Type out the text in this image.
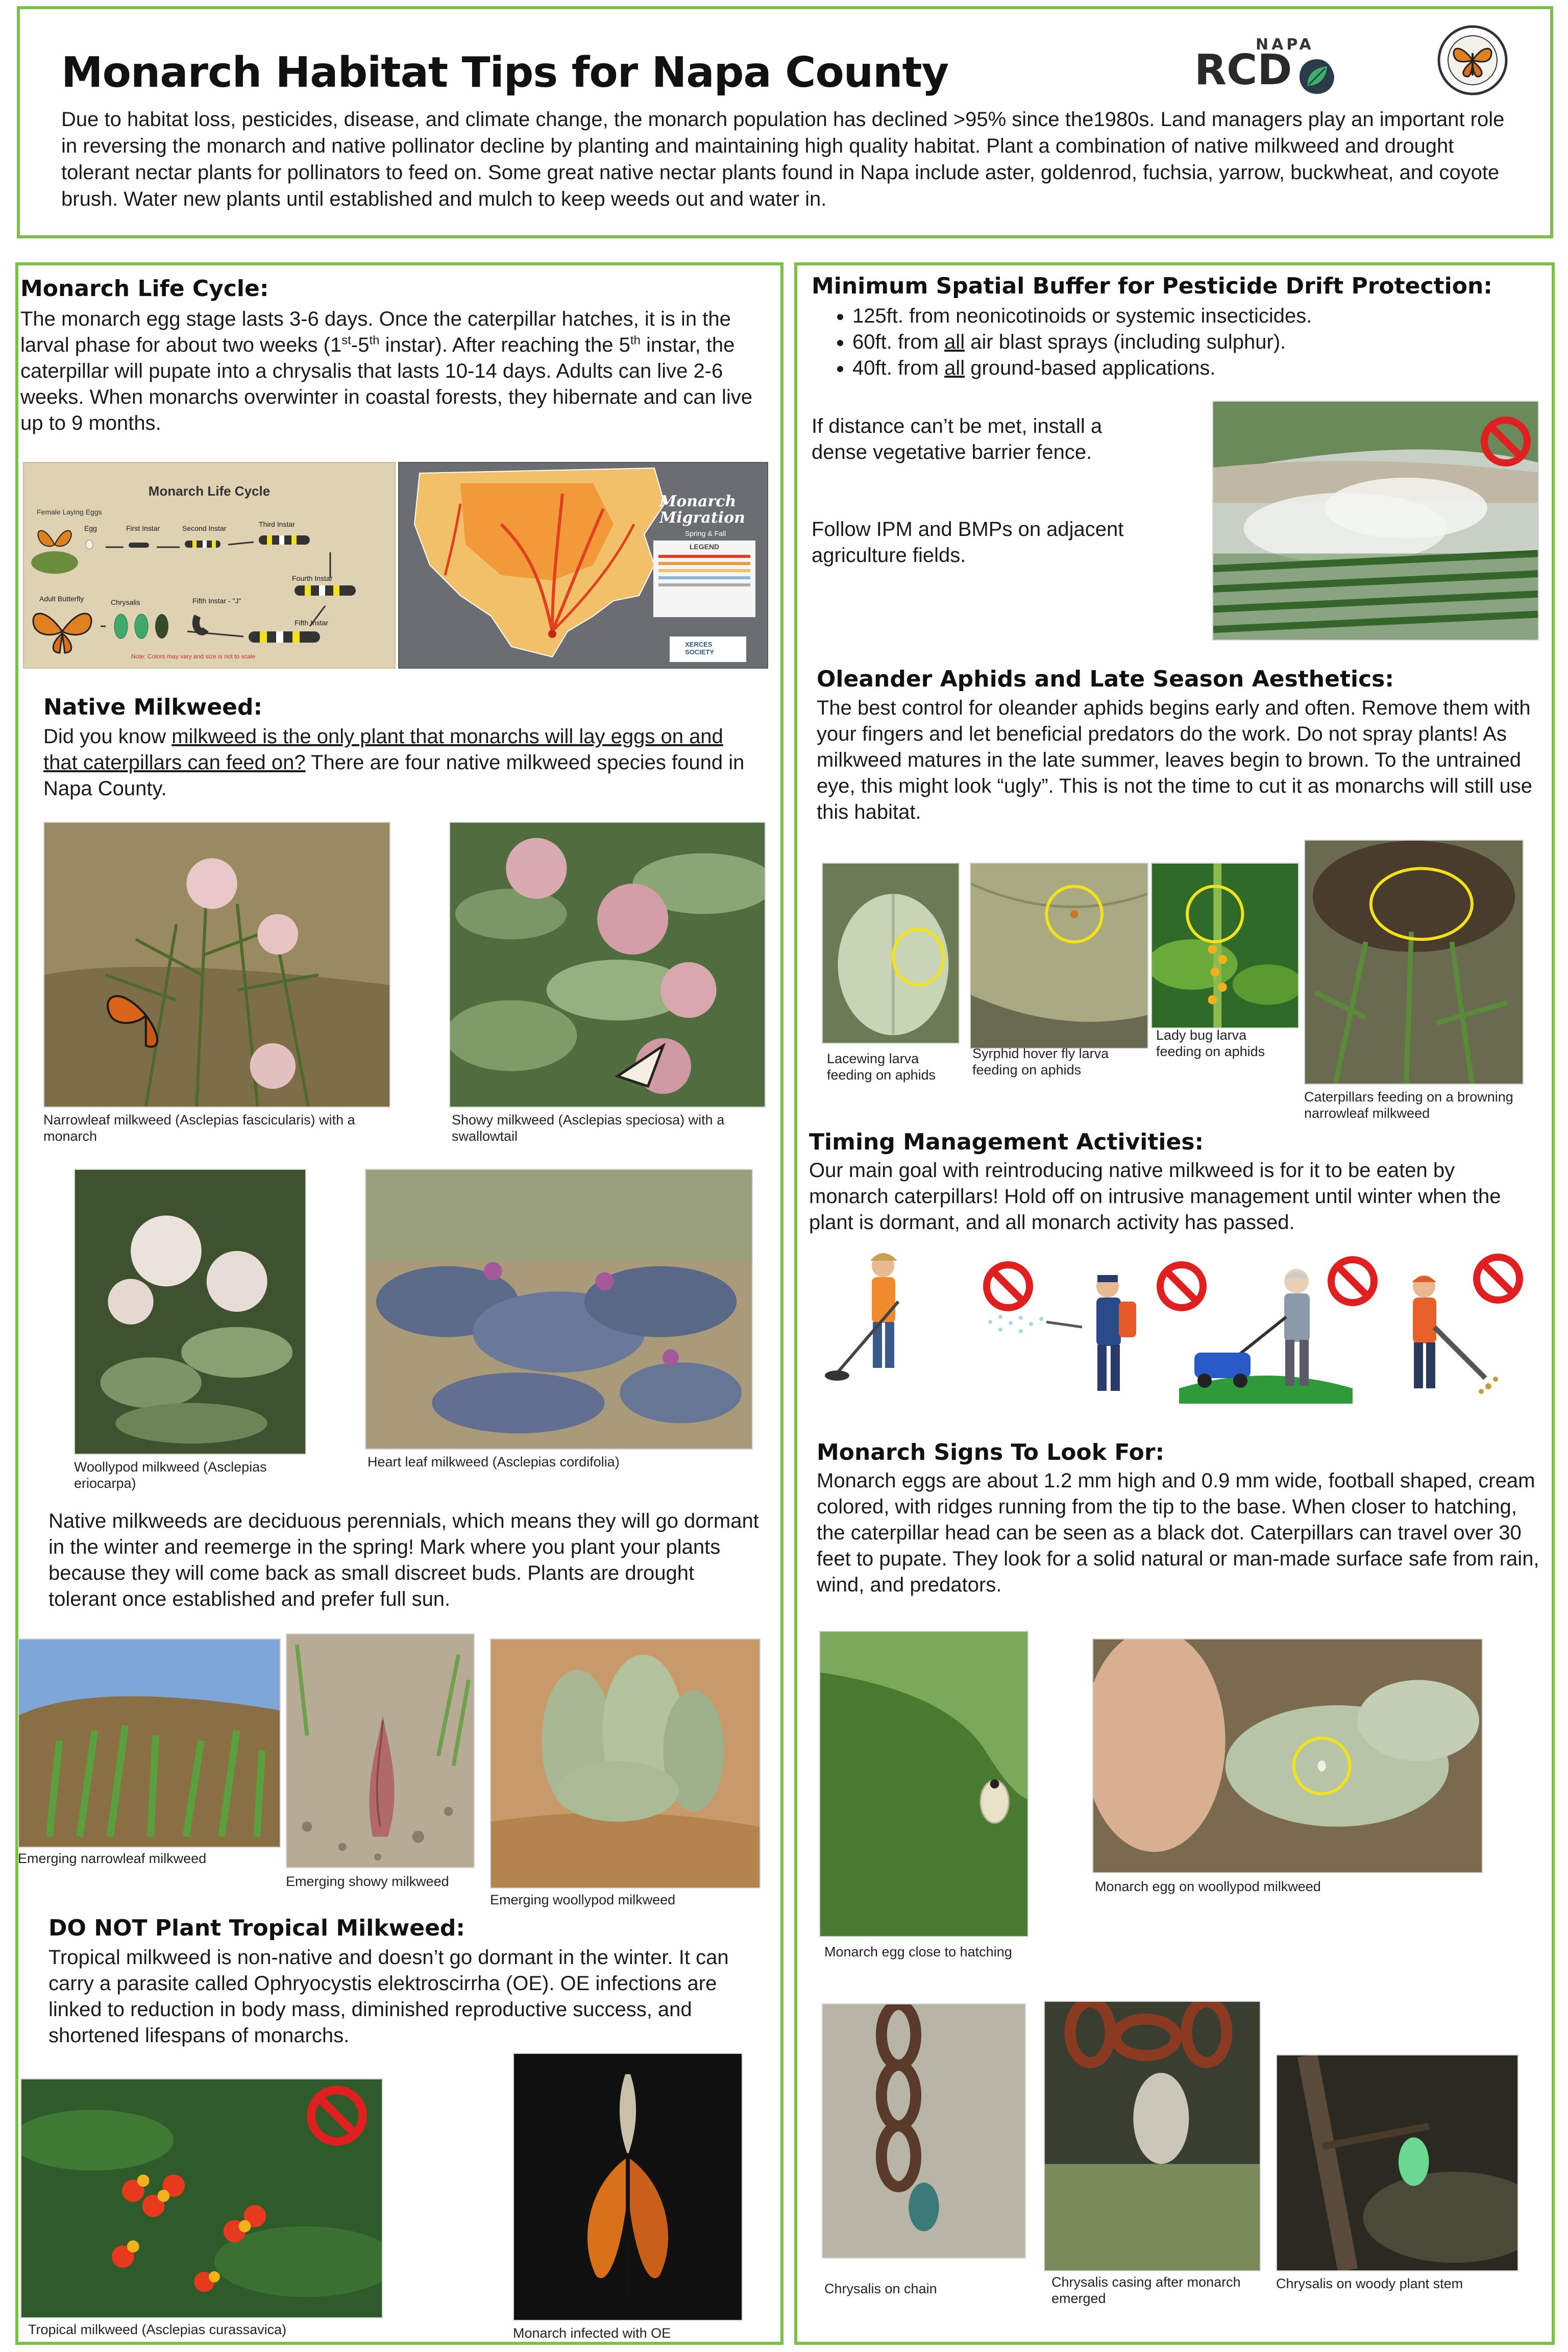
Monarch Habitat Tips for Napa County
NAPA
RCD
Due to habitat loss, pesticides, disease, and climate change, the monarch population has declined >95% since the1980s. Land managers play an important role in reversing the monarch and native pollinator decline by planting and maintaining high quality habitat. Plant a combination of native milkweed and drought tolerant nectar plants for pollinators to feed on. Some great native nectar plants found in Napa include aster, goldenrod, fuchsia, yarrow, buckwheat, and coyote brush. Water new plants until established and mulch to keep weeds out and water in.
Monarch Life Cycle:
The monarch egg stage lasts 3-6 days. Once the caterpillar hatches, it is in the larval phase for about two weeks (1st-5th instar). After reaching the 5th instar, the caterpillar will pupate into a chrysalis that lasts 10-14 days. Adults can live 2-6 weeks. When monarchs overwinter in coastal forests, they hibernate and can live up to 9 months.
Monarch Life Cycle
Female Laying Eggs
Egg	First Instar	Second Instar	Third Instar
Fourth Instar
Adult Butterfly	Chrysalis	Fifth Instar - "J"
Fifth Instar
Note: Colors may vary and size is not to scale
Monarch Migration
Spring & Fall
LEGEND
XERCES SOCIETY
Native Milkweed:
Did you know milkweed is the only plant that monarchs will lay eggs on and that caterpillars can feed on? There are four native milkweed species found in Napa County.
Narrowleaf milkweed (Asclepias fascicularis) with a monarch
Showy milkweed (Asclepias speciosa) with a swallowtail
Woollypod milkweed (Asclepias eriocarpa)
Heart leaf milkweed (Asclepias cordifolia)
Native milkweeds are deciduous perennials, which means they will go dormant in the winter and reemerge in the spring! Mark where you plant your plants because they will come back as small discreet buds. Plants are drought tolerant once established and prefer full sun.
Emerging narrowleaf milkweed
Emerging showy milkweed
Emerging woollypod milkweed
DO NOT Plant Tropical Milkweed:
Tropical milkweed is non-native and doesn’t go dormant in the winter. It can carry a parasite called Ophryocystis elektroscirrha (OE). OE infections are linked to reduction in body mass, diminished reproductive success, and shortened lifespans of monarchs.
Tropical milkweed (Asclepias curassavica)	Monarch infected with OE
Minimum Spatial Buffer for Pesticide Drift Protection:
• 125ft. from neonicotinoids or systemic insecticides.
• 60ft. from all air blast sprays (including sulphur).
• 40ft. from all ground-based applications.
If distance can’t be met, install a dense vegetative barrier fence.
Follow IPM and BMPs on adjacent agriculture fields.
Oleander Aphids and Late Season Aesthetics:
The best control for oleander aphids begins early and often. Remove them with your fingers and let beneficial predators do the work. Do not spray plants! As milkweed matures in the late summer, leaves begin to brown. To the untrained eye, this might look “ugly”. This is not the time to cut it as monarchs will still use this habitat.
Lacewing larva feeding on aphids
Syrphid hover fly larva feeding on aphids
Lady bug larva feeding on aphids
Caterpillars feeding on a browning narrowleaf milkweed
Timing Management Activities:
Our main goal with reintroducing native milkweed is for it to be eaten by monarch caterpillars! Hold off on intrusive management until winter when the plant is dormant, and all monarch activity has passed.
Monarch Signs To Look For:
Monarch eggs are about 1.2 mm high and 0.9 mm wide, football shaped, cream colored, with ridges running from the tip to the base. When closer to hatching, the caterpillar head can be seen as a black dot. Caterpillars can travel over 30 feet to pupate. They look for a solid natural or man-made surface safe from rain, wind, and predators.
Monarch egg close to hatching
Monarch egg on woollypod milkweed
Chrysalis on chain	Chrysalis casing after monarch emerged
Chrysalis on woody plant stem
